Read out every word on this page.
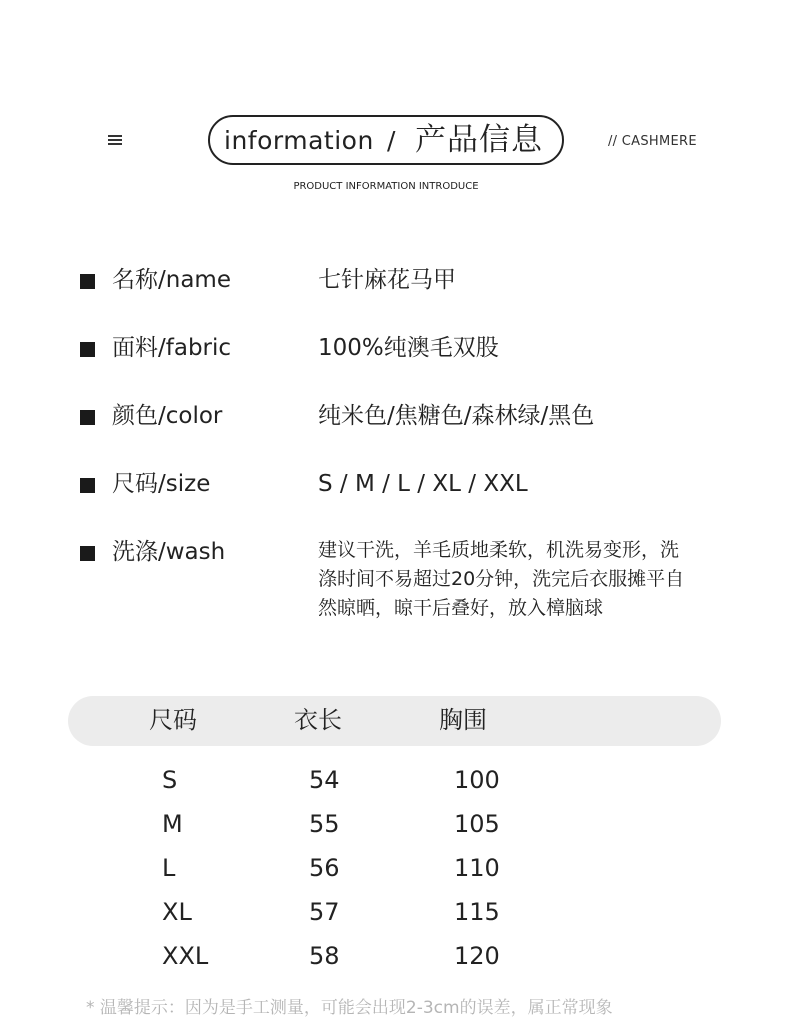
information / 产品信息	// CASHMERE
PRODUCT INFORMATION INTRODUCE
名称/name	七针麻花马甲
面料/fabric	100%纯澳毛双股
颜色/color	纯米色/焦糖色/森林绿/黑色
尺码/size	S / M / L / XL / XXL
洗涤/wash	建议干洗，羊毛质地柔软，机洗易变形，洗
涤时间不易超过20分钟，洗完后衣服摊平自
然晾晒，晾干后叠好，放入樟脑球
尺码	衣长	胸围
S	54	100
M	55	105
L	56	110
XL	57	115
XXL	58	120
* 温馨提示：因为是手工测量，可能会出现2-3cm的误差，属正常现象
